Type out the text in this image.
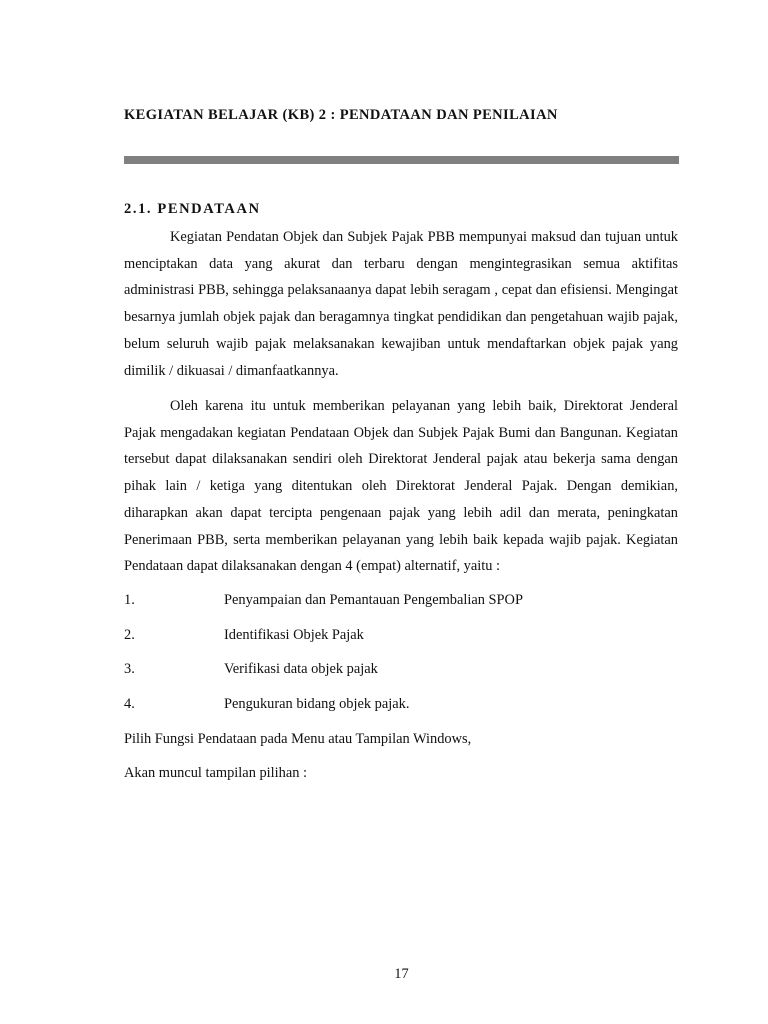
KEGIATAN BELAJAR (KB) 2 : PENDATAAN DAN PENILAIAN
2.1. PENDATAAN

Kegiatan Pendatan Objek dan Subjek Pajak PBB mempunyai maksud dan tujuan untuk menciptakan data yang akurat dan terbaru dengan mengintegrasikan semua aktifitas administrasi PBB, sehingga pelaksanaanya dapat lebih seragam , cepat dan efisiensi. Mengingat besarnya jumlah objek pajak dan beragamnya tingkat pendidikan dan pengetahuan wajib pajak, belum seluruh wajib pajak melaksanakan kewajiban untuk mendaftarkan objek pajak yang dimilik / dikuasai / dimanfaatkannya.

Oleh karena itu untuk memberikan pelayanan yang lebih baik, Direktorat Jenderal Pajak mengadakan kegiatan Pendataan Objek dan Subjek Pajak Bumi dan Bangunan. Kegiatan tersebut dapat dilaksanakan sendiri oleh Direktorat Jenderal pajak atau bekerja sama dengan pihak lain / ketiga yang ditentukan oleh Direktorat Jenderal Pajak. Dengan demikian, diharapkan akan dapat tercipta pengenaan pajak yang lebih adil dan merata, peningkatan Penerimaan PBB, serta memberikan pelayanan yang lebih baik kepada wajib pajak. Kegiatan Pendataan dapat dilaksanakan dengan 4 (empat) alternatif, yaitu :

1.	Penyampaian dan Pemantauan Pengembalian SPOP
2.	Identifikasi Objek Pajak
3.	Verifikasi data objek pajak
4.	Pengukuran bidang objek pajak.

Pilih Fungsi Pendataan pada Menu atau Tampilan Windows,

Akan muncul tampilan pilihan :

17
